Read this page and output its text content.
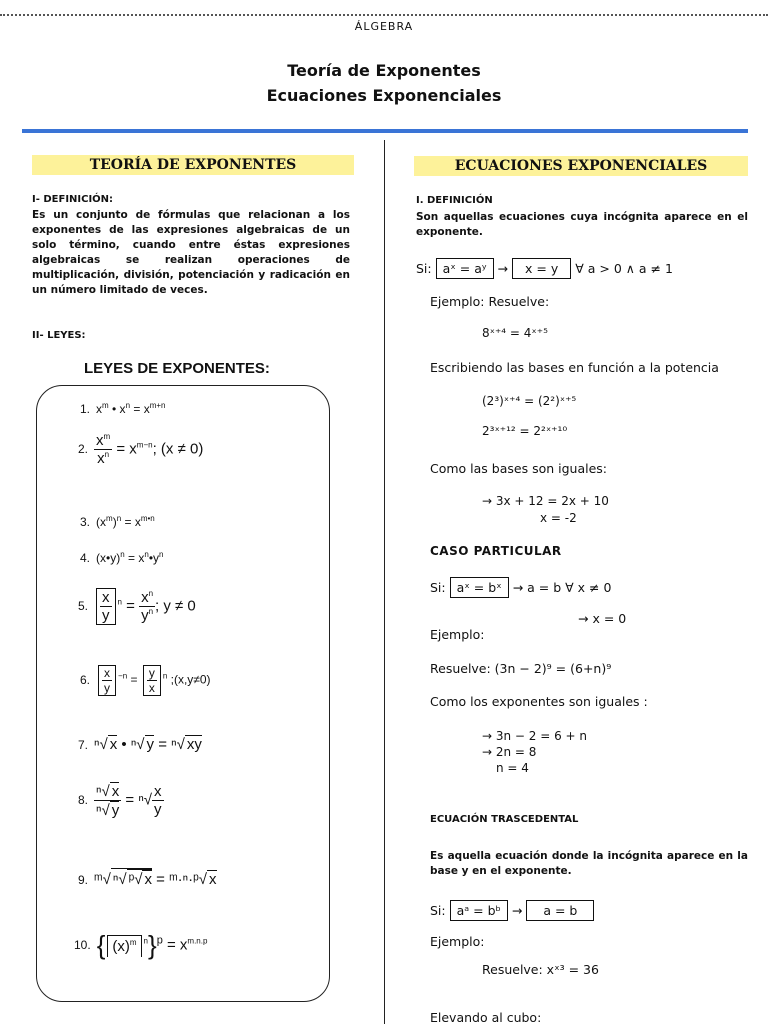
ÁLGEBRA
Teoría de Exponentes
Ecuaciones Exponenciales
TEORÍA DE EXPONENTES
I- DEFINICIÓN:
Es un conjunto de fórmulas que relacionan a los exponentes de las expresiones algebraicas de un solo término, cuando entre éstas expresiones algebraicas se realizan operaciones de multiplicación, división, potenciación y radicación en un número limitado de veces.
II- LEYES:
LEYES DE EXPONENTES:
1. $x^m$ • $x^n = x^{m+n}$
2. $\frac{x^m}{x^n} = x^{m-n}$; (x ≠ 0)
3. $(x^m)^n = x^{m•n}$
4. (x•y)$^n$ = $x^n•y^n$
5. $\frac{x}{y} ^n = \frac{x^n}{y^n}$ ; y ≠ 0
6. $\frac{x}{y} ^{-n} = \frac{y}{x} ^n$ ;(x,y≠0)
7. ⁿ√ x • ⁿ√ y = ⁿ√ xy
8. $\frac{\text{ⁿ√ x}}{\text{ⁿ√ y}} = ^n√ \frac{x}{y}$
9. ᵐ√ ⁿ√ ᵖ√ x = ᵐ·ⁿ·ᵖ√ x
10. { $(x)^m$ $^n\}^p = x^{m.n.p}$
ECUACIONES EXPONENCIALES
I. DEFINICIÓN
Son aquellas ecuaciones cuya incógnita aparece en el exponente.
Si: aˣ = aʸ → x = y ∀ a > 0 ∧ a ≠ 1
Ejemplo: Resuelve:
8ˣ⁺⁴ = 4ˣ⁺⁵
Escribiendo las bases en función a la potencia
(2³)ˣ⁺⁴ = (2²)ˣ⁺⁵
2³ˣ⁺¹² = 2²ˣ⁺¹⁰
Como las bases son iguales:
→ 3x + 12 = 2x + 10
x = -2
CASO PARTICULAR
Si: aˣ = bˣ → a = b ∀ x ≠ 0
→ x = 0
Ejemplo:
Resuelve: (3n − 2)⁹ = (6+n)⁹
Como los exponentes son iguales :
→ 3n − 2 = 6 + n
→ 2n = 8
n = 4
ECUACIÓN TRASCEDENTAL
Es aquella ecuación donde la incógnita aparece en la base y en el exponente.
Si: aᵃ = bᵇ → a = b
Ejemplo:
Resuelve: xˣ³ = 36
Elevando al cubo:
